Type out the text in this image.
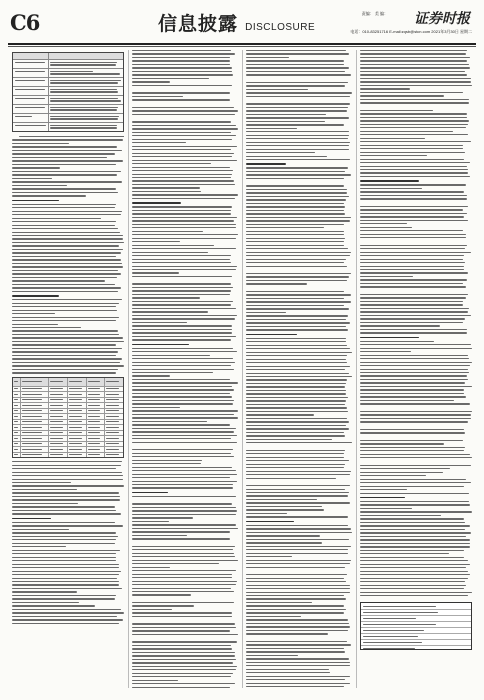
C6	信息披露 DISCLOSURE
责编： 美 编： 证券时报
电话：010-83251716 E-mail:zqsb@stcn.com 2021年3月30日 星期二
